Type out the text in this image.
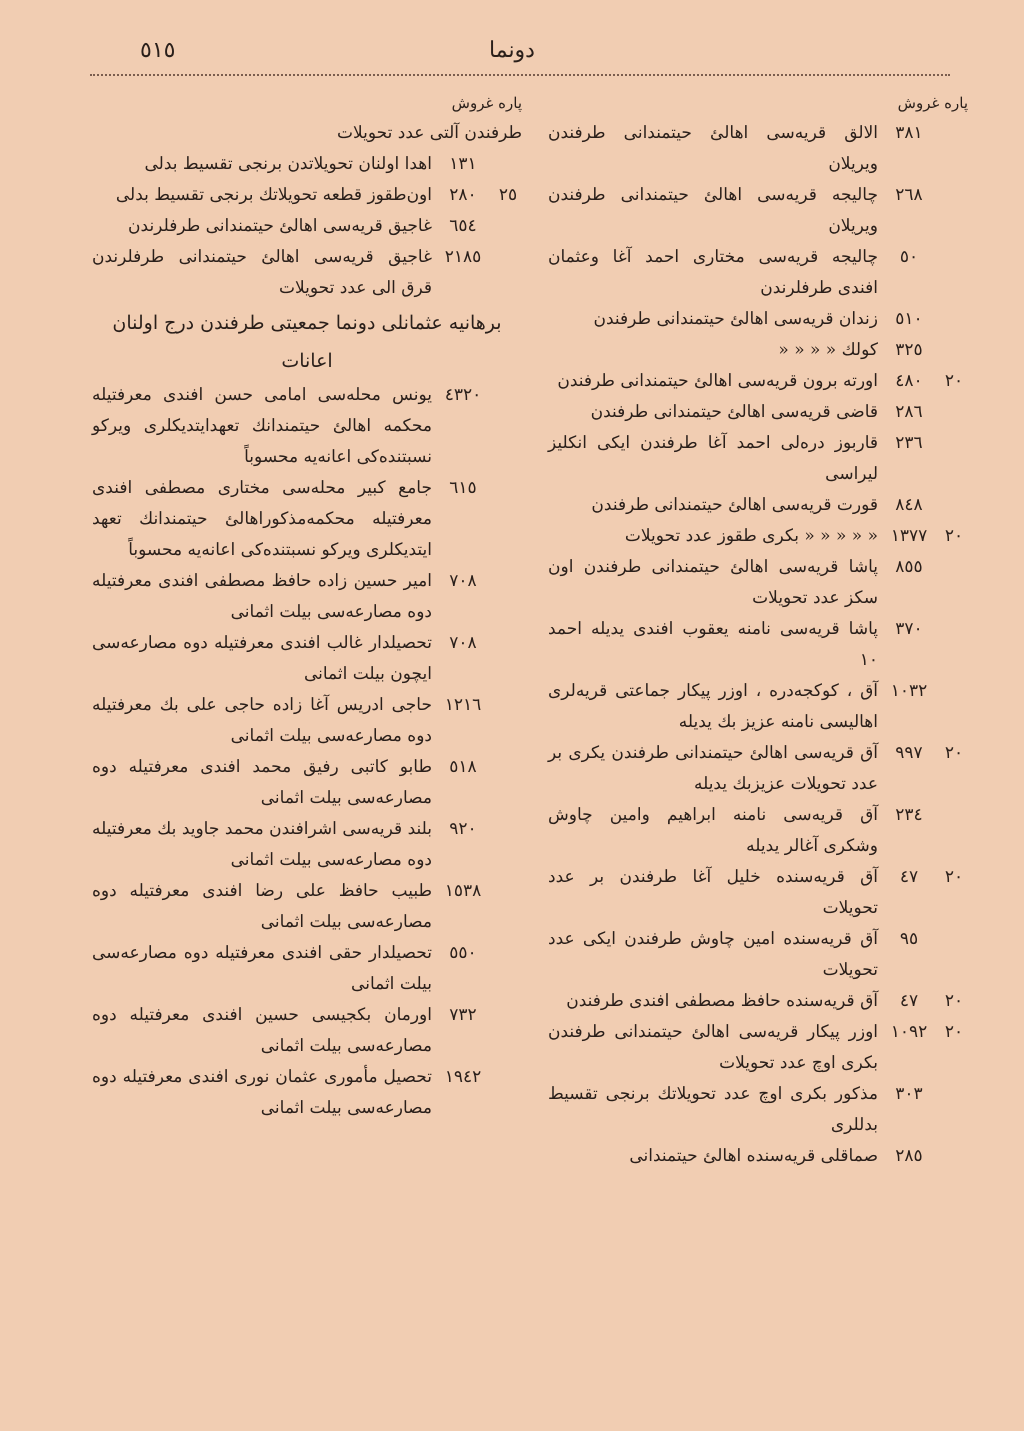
دونما
٥١٥
پاره غروش
٣٨١
الالق قريه‌سى اهالئ حيتمندانى طرفندن ويريلان
٢٦٨
چاليجه قريه‌سى اهالئ حيتمندانى طرفندن ويريلان
٥٠
چاليجه قريه‌سى مختارى احمد آغا وعثمان افندى طرفلرندن
٥١٠
زندان قريه‌سى اهالئ حيتمندانى طرفندن
٣٢٥
كولك « « « «
٢٠
٤٨٠
اورته برون قريه‌سى اهالئ حيتمندانى طرفندن
٢٨٦
قاضى قريه‌سى اهالئ حيتمندانى طرفندن
٢٣٦
قاربوز دره‌لى احمد آغا طرفندن ايكى انكليز ليراسى
٨٤٨
قورت قريه‌سى اهالئ حيتمندانى طرفندن
٢٠
١٣٧٧
« « « « « بكرى طقوز عدد تحويلات
٨٥٥
پاشا قريه‌سى اهالئ حيتمندانى طرفندن اون سكز عدد تحويلات
٣٧٠
پاشا قريه‌سى نامنه يعقوب افندى يديله احمد ١٠
١٠٣٢
آق ، كوكجه‌دره ، اوزر پيكار جماعتى قريه‌لرى اهاليسى نامنه عزيز بك يديله
٢٠
٩٩٧
آق قريه‌سى اهالئ حيتمندانى طرفندن يكرى بر عدد تحويلات عزيزبك يديله
٢٣٤
آق قريه‌سى نامنه ابراهيم وامين چاوش وشكرى آغالر يديله
٢٠
٤٧
آق قريه‌سنده خليل آغا طرفندن بر عدد تحويلات
٩٥
آق قريه‌سنده امين چاوش طرفندن ايكى عدد تحويلات
٢٠
٤٧
آق قريه‌سنده حافظ مصطفى افندى طرفندن
٢٠
١٠٩٢
اوزر پيكار قريه‌سى اهالئ حيتمندانى طرفندن بكرى اوچ عدد تحويلات
٣٠٣
مذكور بكرى اوچ عدد تحويلاتك برنجى تقسيط بدللرى
٢٨٥
صماقلى قريه‌سنده اهالئ حيتمندانى
پاره غروش
طرفندن آلتى عدد تحويلات
١٣١
اهدا اولنان تحويلاتدن برنجى تقسيط بدلى
٢٥
٢٨٠
اون‌طقوز قطعه تحويلاتك برنجى تقسيط بدلى
٦٥٤
غاجيق قريه‌سى اهالئ حيتمندانى طرفلرندن
٢١٨٥
غاجيق قريه‌سى اهالئ حيتمندانى طرفلرندن قرق الى عدد تحويلات
برهانيه عثمانلى دونما جمعيتى طرفندن درج اولنان اعانات
٤٣٢٠
يونس محله‌سى امامى حسن افندى معرفتيله محكمه اهالئ حيتمندانك تعهدايتديكلرى ويركو نسبتنده‌كى اعانه‌يه محسوباً
٦١٥
جامع كبير محله‌سى مختارى مصطفى افندى معرفتيله محكمه‌مذكوراهالئ حيتمندانك تعهد ايتديكلرى ويركو نسبتنده‌كى اعانه‌يه محسوباً
٧٠٨
امير حسين زاده حافظ مصطفى افندى معرفتيله دوه مصارعه‌سى بيلت اثمانى
٧٠٨
تحصيلدار غالب افندى معرفتيله دوه مصارعه‌سى ايچون بيلت اثمانى
١٢١٦
حاجى ادريس آغا زاده حاجى على بك معرفتيله دوه مصارعه‌سى بيلت اثمانى
٥١٨
طابو كاتبى رفيق محمد افندى معرفتيله دوه مصارعه‌سى بيلت اثمانى
٩٢٠
بلند قريه‌سى اشرافندن محمد جاويد بك معرفتيله دوه مصارعه‌سى بيلت اثمانى
١٥٣٨
طبيب حافظ على رضا افندى معرفتيله دوه مصارعه‌سى بيلت اثمانى
٥٥٠
تحصيلدار حقى افندى معرفتيله دوه مصارعه‌سى بيلت اثمانى
٧٣٢
اورمان بكجيسى حسين افندى معرفتيله دوه مصارعه‌سى بيلت اثمانى
١٩٤٢
تحصيل مأمورى عثمان نورى افندى معرفتيله دوه مصارعه‌سى بيلت اثمانى
